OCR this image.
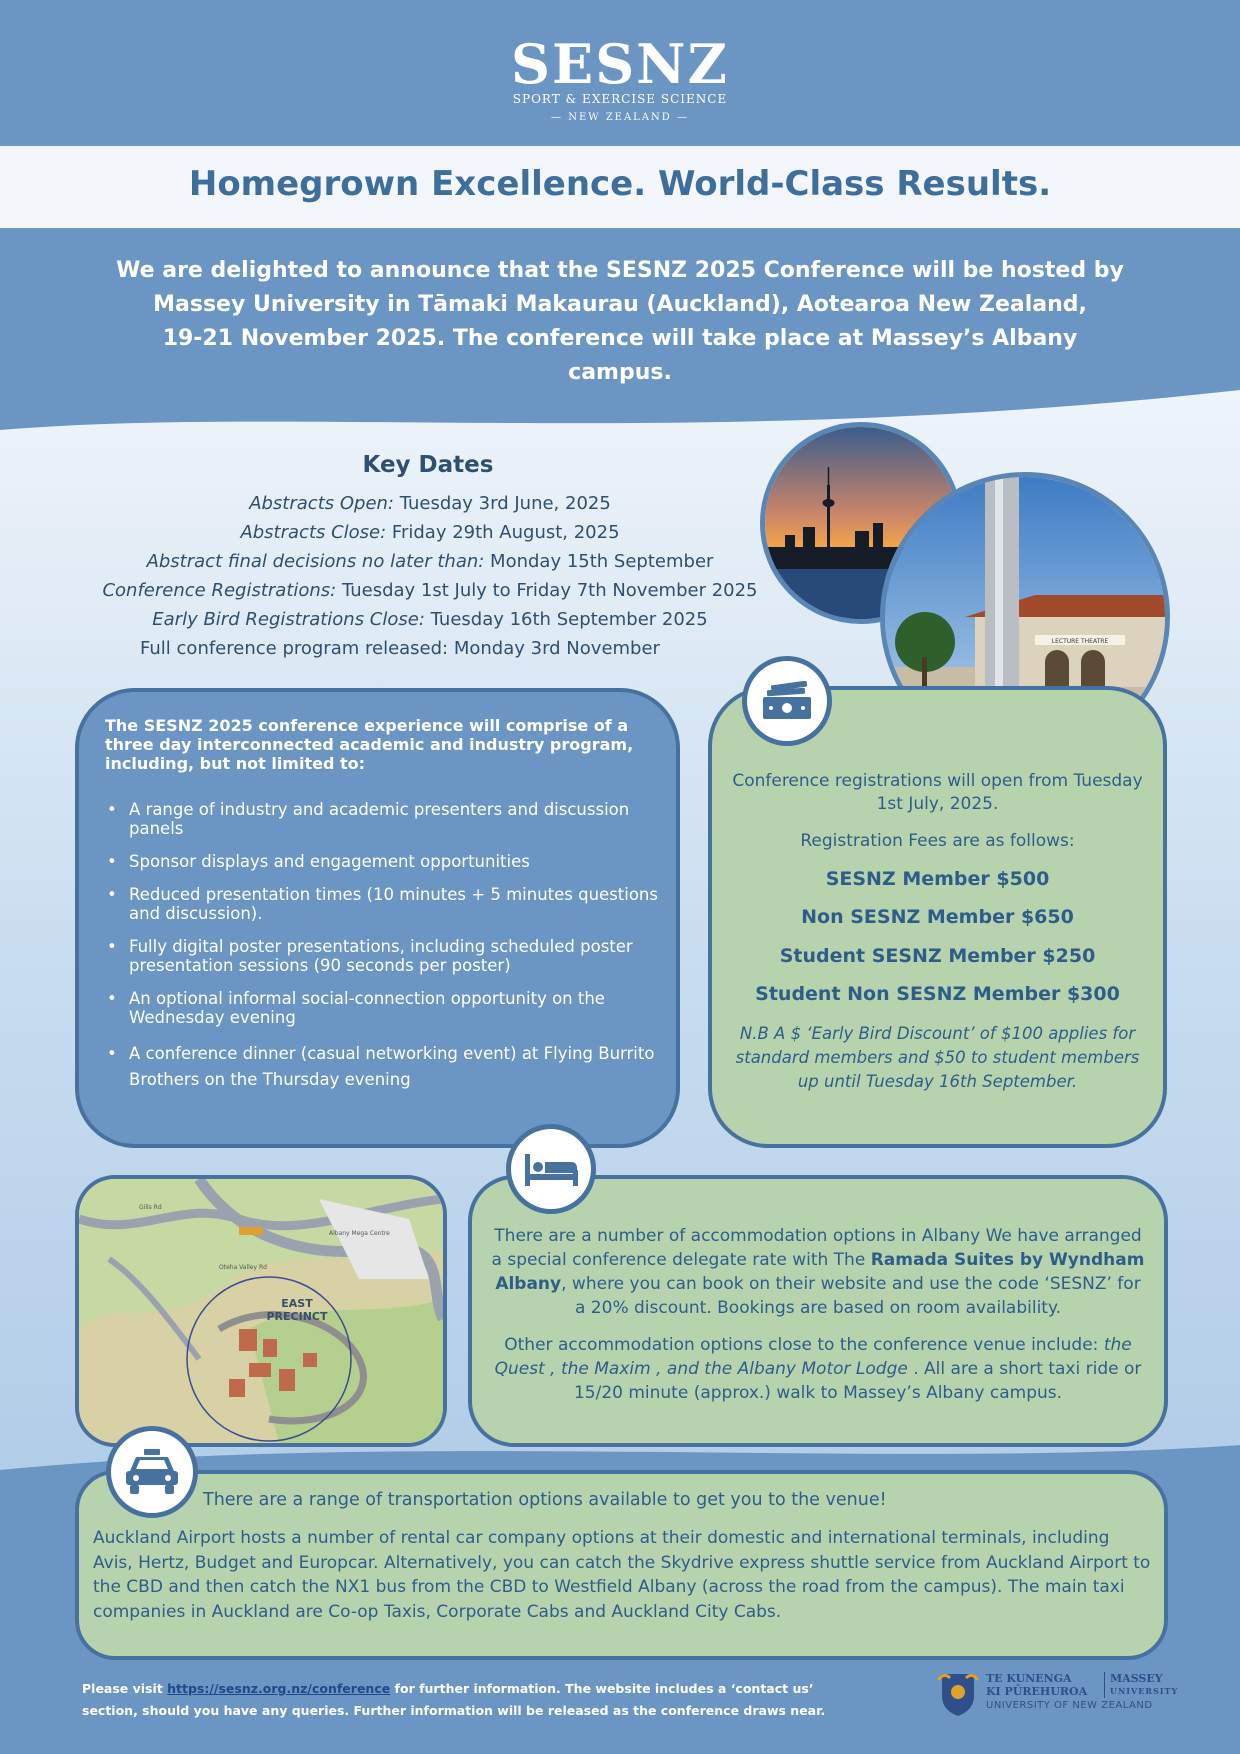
SESNZ
SPORT & EXERCISE SCIENCE
— NEW ZEALAND —
Homegrown Excellence. World-Class Results.
We are delighted to announce that the SESNZ 2025 Conference will be hosted by
Massey University in Tāmaki Makaurau (Auckland), Aotearoa New Zealand,
19-21 November 2025. The conference will take place at Massey’s Albany campus.
Key Dates
Abstracts Open: Tuesday 3rd June, 2025
Abstracts Close: Friday 29th August, 2025
Abstract final decisions no later than: Monday 15th September
Conference Registrations: Tuesday 1st July to Friday 7th November 2025
Early Bird Registrations Close: Tuesday 16th September 2025
Full conference program released: Monday 3rd November	LECTURE THEATRE
The SESNZ 2025 conference experience will comprise of a three day interconnected academic and industry program, including, but not limited to:
• A range of industry and academic presenters and discussion panels
• Sponsor displays and engagement opportunities
• Reduced presentation times (10 minutes + 5 minutes questions and discussion).
• Fully digital poster presentations, including scheduled poster presentation sessions (90 seconds per poster)
• An optional informal social-connection opportunity on the Wednesday evening
• A conference dinner (casual networking event) at Flying Burrito Brothers on the Thursday evening
Conference registrations will open from Tuesday 1st July, 2025.
Registration Fees are as follows:
SESNZ Member $500
Non SESNZ Member $650
Student SESNZ Member $250
Student Non SESNZ Member $300
N.B A $ ‘Early Bird Discount’ of $100 applies for standard members and $50 to student members up until Tuesday 16th September.
EAST
PRECINCT
Albany Mega Centre
Gills Rd
Oteha Valley Rd
There are a number of accommodation options in Albany We have arranged a special conference delegate rate with The Ramada Suites by Wyndham Albany, where you can book on their website and use the code ‘SESNZ’ for a 20% discount. Bookings are based on room availability.
Other accommodation options close to the conference venue include: the Quest , the Maxim , and the Albany Motor Lodge . All are a short taxi ride or 15/20 minute (approx.) walk to Massey’s Albany campus.
There are a range of transportation options available to get you to the venue!
Auckland Airport hosts a number of rental car company options at their domestic and international terminals, including Avis, Hertz, Budget and Europcar. Alternatively, you can catch the Skydrive express shuttle service from Auckland Airport to the CBD and then catch the NX1 bus from the CBD to Westfield Albany (across the road from the campus). The main taxi companies in Auckland are Co-op Taxis, Corporate Cabs and Auckland City Cabs.
Please visit https://sesnz.org.nz/conference for further information. The website includes a ‘contact us’ section, should you have any queries. Further information will be released as the conference draws near.
TE KUNENGA
KI PŪREHUROA
MASSEY
UNIVERSITY
UNIVERSITY OF NEW ZEALAND
